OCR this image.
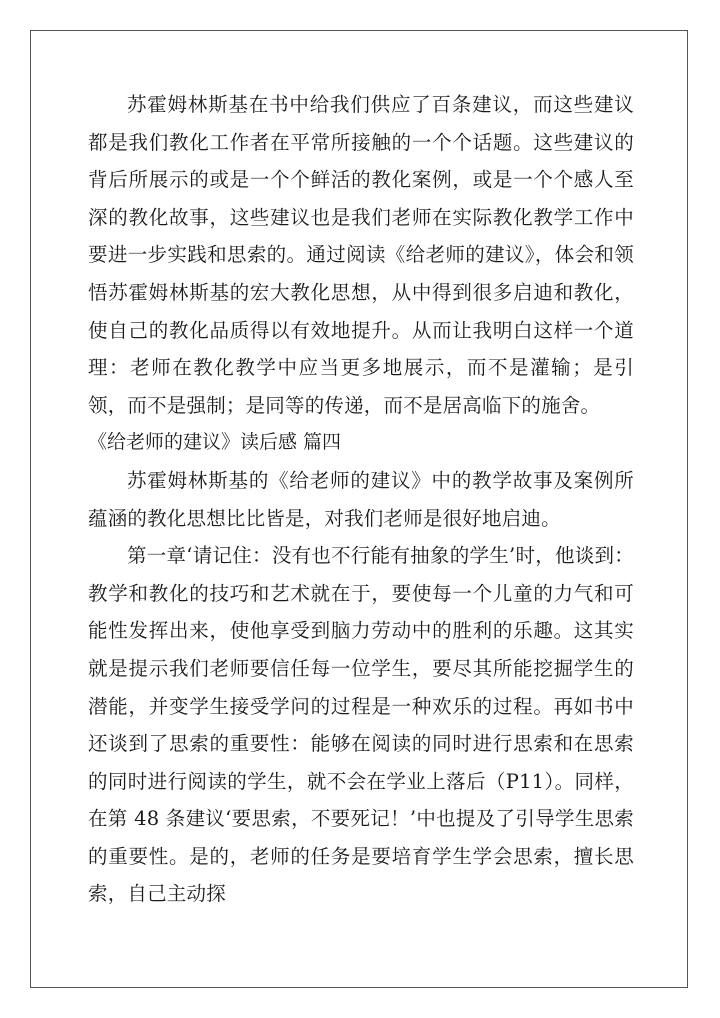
苏霍姆林斯基在书中给我们供应了百条建议，而这些建议都是我们教化工作者在平常所接触的一个个话题。这些建议的背后所展示的或是一个个鲜活的教化案例，或是一个个感人至深的教化故事，这些建议也是我们老师在实际教化教学工作中要进一步实践和思索的。通过阅读《给老师的建议》，体会和领悟苏霍姆林斯基的宏大教化思想，从中得到很多启迪和教化，使自己的教化品质得以有效地提升。从而让我明白这样一个道理：老师在教化教学中应当更多地展示，而不是灌输；是引领，而不是强制；是同等的传递，而不是居高临下的施舍。

《给老师的建议》读后感 篇四

苏霍姆林斯基的《给老师的建议》中的教学故事及案例所蕴涵的教化思想比比皆是，对我们老师是很好地启迪。

第一章‘请记住：没有也不行能有抽象的学生’时，他谈到：教学和教化的技巧和艺术就在于，要使每一个儿童的力气和可能性发挥出来，使他享受到脑力劳动中的胜利的乐趣。这其实就是提示我们老师要信任每一位学生，要尽其所能挖掘学生的潜能，并变学生接受学问的过程是一种欢乐的过程。再如书中还谈到了思索的重要性：能够在阅读的同时进行思索和在思索的同时进行阅读的学生，就不会在学业上落后（P11）。同样，在第 48 条建议‘要思索，不要死记！’中也提及了引导学生思索的重要性。是的，老师的任务是要培育学生学会思索，擅长思索，自己主动探
